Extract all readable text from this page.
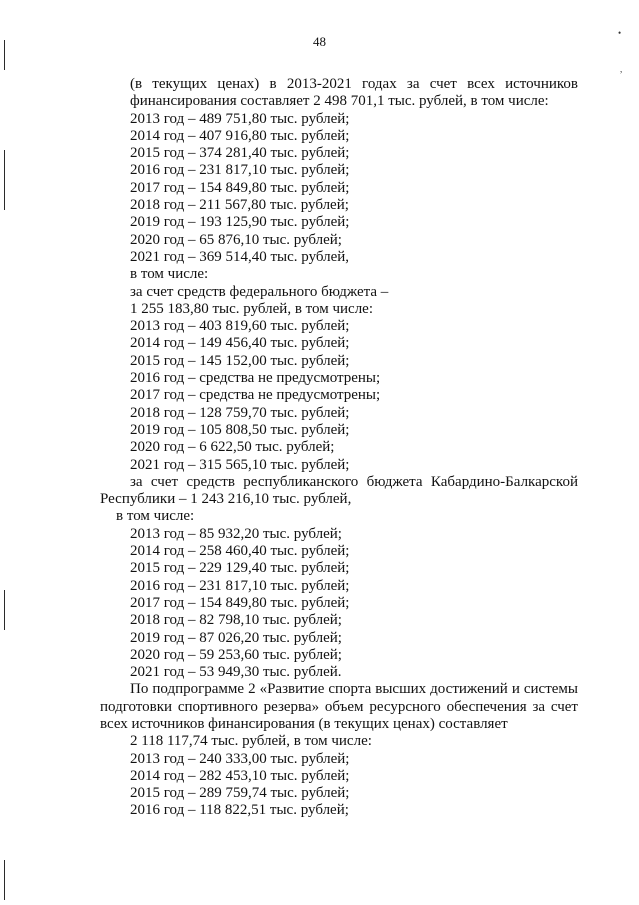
48
(в текущих ценах) в 2013-2021 годах за счет всех источников
финансирования составляет 2 498 701,1 тыс. рублей, в том числе:
2013 год – 489 751,80 тыс. рублей;
2014 год – 407 916,80 тыс. рублей;
2015 год – 374 281,40 тыс. рублей;
2016 год – 231 817,10 тыс. рублей;
2017 год – 154 849,80 тыс. рублей;
2018 год – 211 567,80 тыс. рублей;
2019 год – 193 125,90 тыс. рублей;
2020 год – 65 876,10 тыс. рублей;
2021 год – 369 514,40 тыс. рублей,
в том числе:
за счет средств федерального бюджета –
1 255 183,80 тыс. рублей, в том числе:
2013 год – 403 819,60 тыс. рублей;
2014 год – 149 456,40 тыс. рублей;
2015 год – 145 152,00 тыс. рублей;
2016 год – средства не предусмотрены;
2017 год – средства не предусмотрены;
2018 год – 128 759,70 тыс. рублей;
2019 год – 105 808,50 тыс. рублей;
2020 год – 6 622,50 тыс. рублей;
2021 год – 315 565,10 тыс. рублей;
за счет средств республиканского бюджета Кабардино-Балкарской
Республики – 1 243 216,10 тыс. рублей,
в том числе:
2013 год – 85 932,20 тыс. рублей;
2014 год – 258 460,40 тыс. рублей;
2015 год – 229 129,40 тыс. рублей;
2016 год – 231 817,10 тыс. рублей;
2017 год – 154 849,80 тыс. рублей;
2018 год – 82 798,10 тыс. рублей;
2019 год – 87 026,20 тыс. рублей;
2020 год – 59 253,60 тыс. рублей;
2021 год – 53 949,30 тыс. рублей.
По подпрограмме 2 «Развитие спорта высших достижений и системы
подготовки спортивного резерва» объем ресурсного обеспечения за счет
всех источников финансирования (в текущих ценах) составляет
2 118 117,74 тыс. рублей, в том числе:
2013 год – 240 333,00 тыс. рублей;
2014 год – 282 453,10 тыс. рублей;
2015 год – 289 759,74 тыс. рублей;
2016 год – 118 822,51 тыс. рублей;
•
,
